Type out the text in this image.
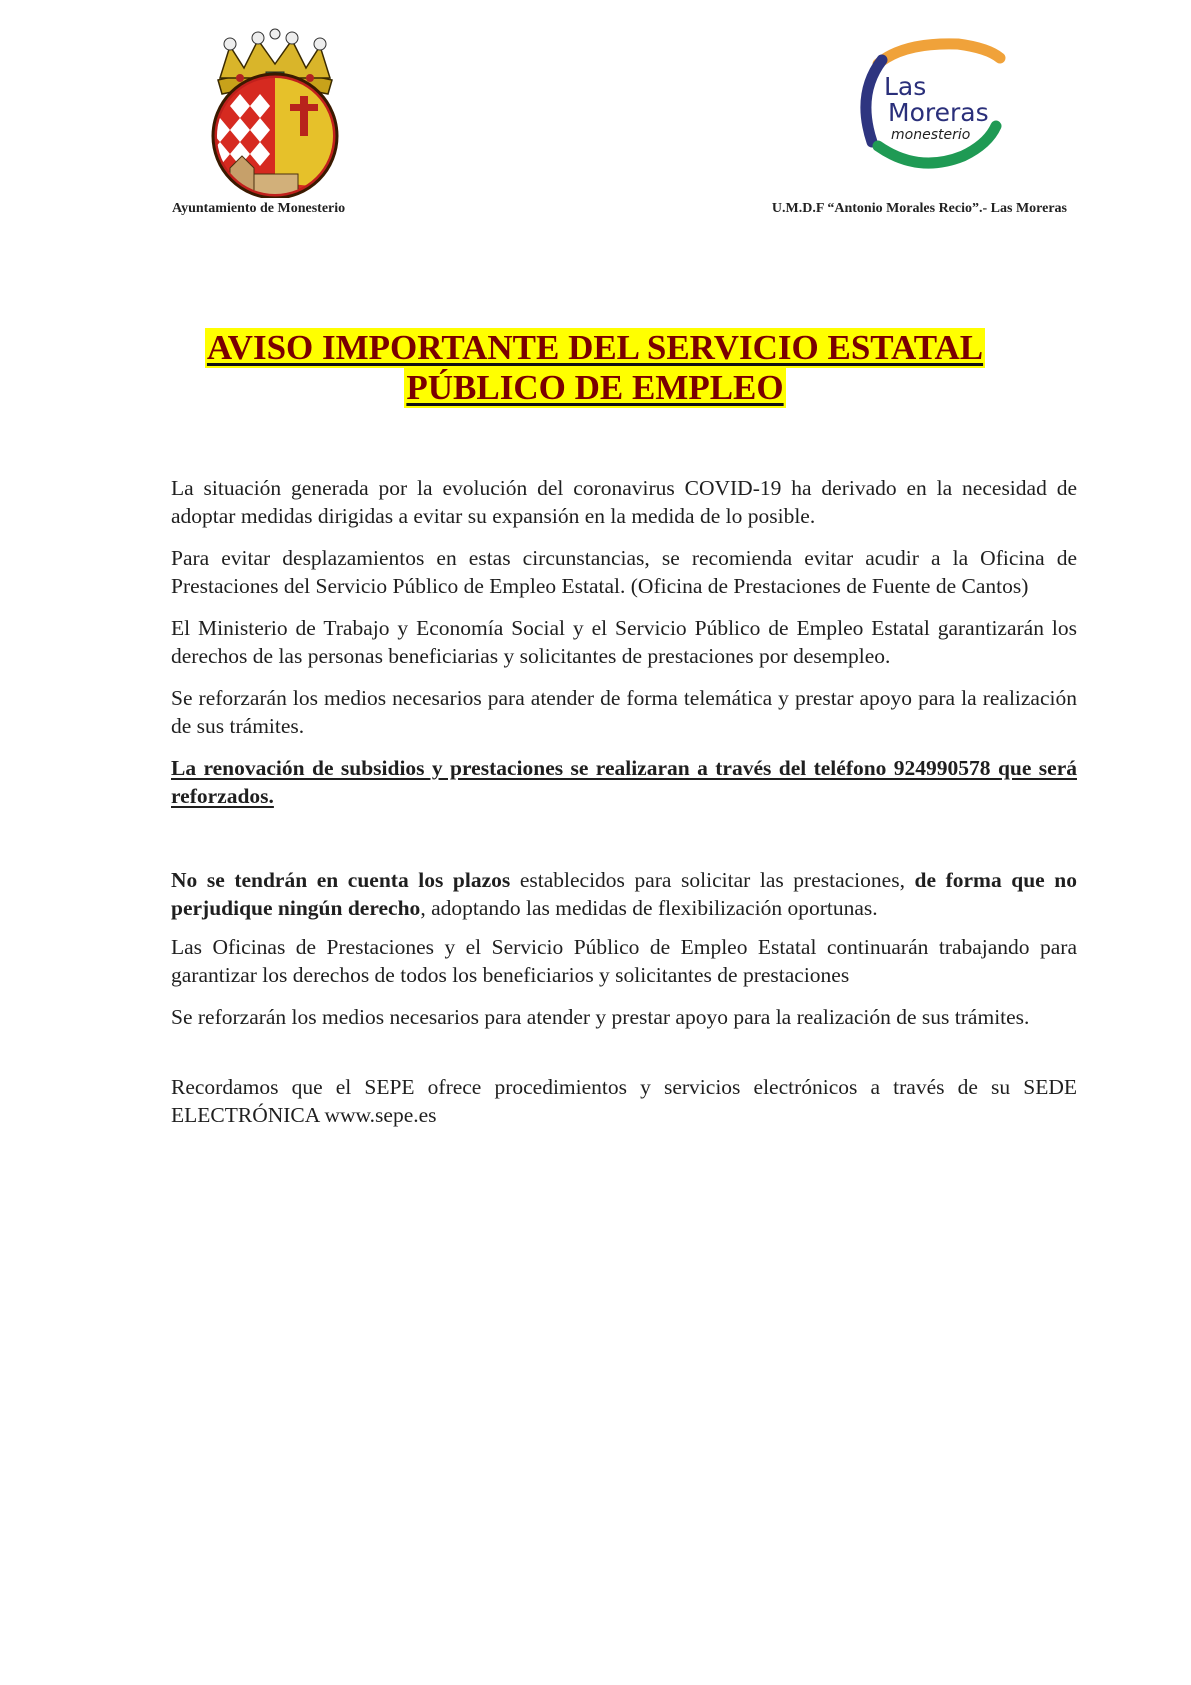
Las
Moreras
monesterio
Ayuntamiento de Monesterio	U.M.D.F “Antonio Morales Recio”.- Las Moreras
AVISO IMPORTANTE DEL SERVICIO ESTATAL
PÚBLICO DE EMPLEO

La situación generada por la evolución del coronavirus COVID-19 ha derivado en la necesidad de adoptar medidas dirigidas a evitar su expansión en la medida de lo posible.

Para evitar desplazamientos en estas circunstancias, se recomienda evitar acudir a la Oficina de Prestaciones del Servicio Público de Empleo Estatal. (Oficina de Prestaciones de Fuente de Cantos)

El Ministerio de Trabajo y Economía Social y el Servicio Público de Empleo Estatal garantizarán los derechos de las personas beneficiarias y solicitantes de prestaciones por desempleo.

Se reforzarán los medios necesarios para atender de forma telemática y prestar apoyo para la realización de sus trámites.

La renovación de subsidios y prestaciones se realizaran a través del teléfono 924990578 que será reforzados.

No se tendrán en cuenta los plazos establecidos para solicitar las prestaciones, de forma que no perjudique ningún derecho, adoptando las medidas de flexibilización oportunas.

Las Oficinas de Prestaciones y el Servicio Público de Empleo Estatal continuarán trabajando para garantizar los derechos de todos los beneficiarios y solicitantes de prestaciones

Se reforzarán los medios necesarios para atender y prestar apoyo para la realización de sus trámites.

Recordamos que el SEPE ofrece procedimientos y servicios electrónicos a través de su SEDE ELECTRÓNICA www.sepe.es
